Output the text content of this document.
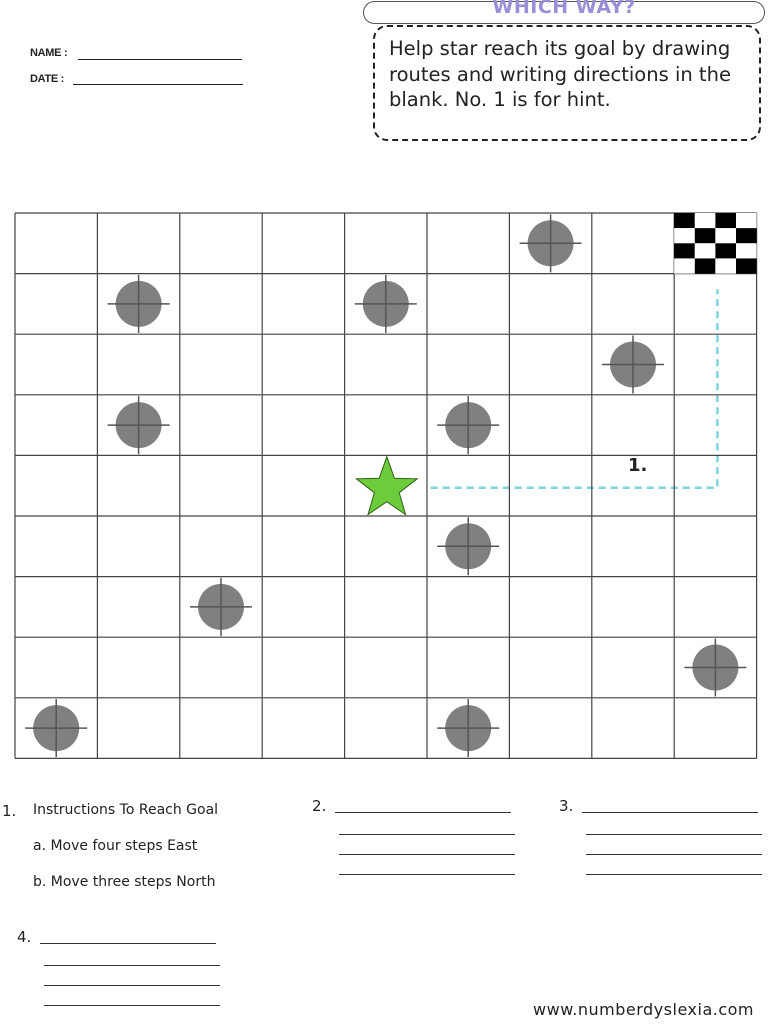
NAME :
DATE :
WHICH WAY?
Help star reach its goal by drawing routes and writing directions in the blank. No. 1 is for hint.
1.
1. Instructions To Reach Goal
a. Move four steps East
b. Move three steps North
2.	3.
4.
www.numberdyslexia.com
